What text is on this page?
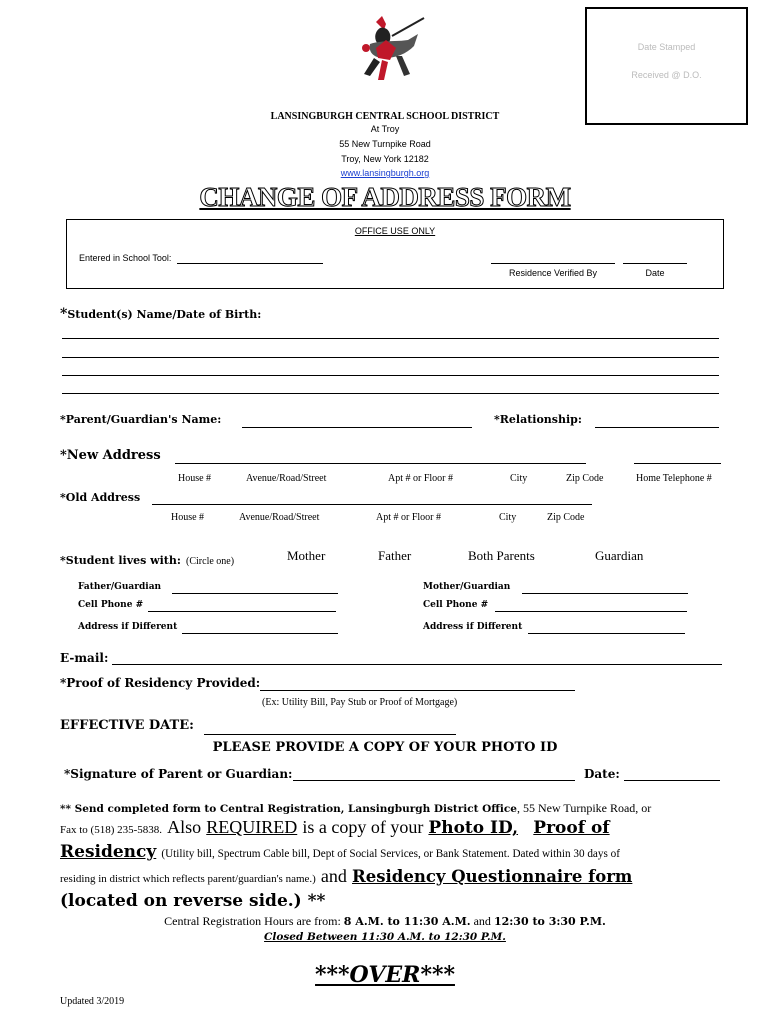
Date Stamped
Received @ D.O.
LANSINGBURGH CENTRAL SCHOOL DISTRICT
At Troy
55 New Turnpike Road
Troy, New York 12182
www.lansingburgh.org
CHANGE OF ADDRESS FORM
OFFICE USE ONLY
Entered in School Tool:
Residence Verified By	Date
*Student(s) Name/Date of Birth:
*Parent/Guardian's Name:	*Relationship:
*New Address
House #	Avenue/Road/Street	Apt # or Floor #	City	Zip Code	Home Telephone #
*Old Address
House #	Avenue/Road/Street	Apt # or Floor #	City	Zip Code
*Student lives with: (Circle one)	Mother	Father	Both Parents	Guardian
Father/Guardian
Cell Phone #
Address if Different
Mother/Guardian
Cell Phone #
Address if Different
E-mail:
*Proof of Residency Provided:
(Ex: Utility Bill, Pay Stub or Proof of Mortgage)
EFFECTIVE DATE:
PLEASE PROVIDE A COPY OF YOUR PHOTO ID
*Signature of Parent or Guardian:	Date:
** Send completed form to Central Registration, Lansingburgh District Office, 55 New Turnpike Road, or
Fax to (518) 235-5838. Also REQUIRED is a copy of your Photo ID, Proof of
Residency (Utility bill, Spectrum Cable bill, Dept of Social Services, or Bank Statement. Dated within 30 days of
residing in district which reflects parent/guardian's name.) and Residency Questionnaire form
(located on reverse side.) **
Central Registration Hours are from: 8 A.M. to 11:30 A.M. and 12:30 to 3:30 P.M.
Closed Between 11:30 A.M. to 12:30 P.M.
***OVER***
Updated 3/2019
